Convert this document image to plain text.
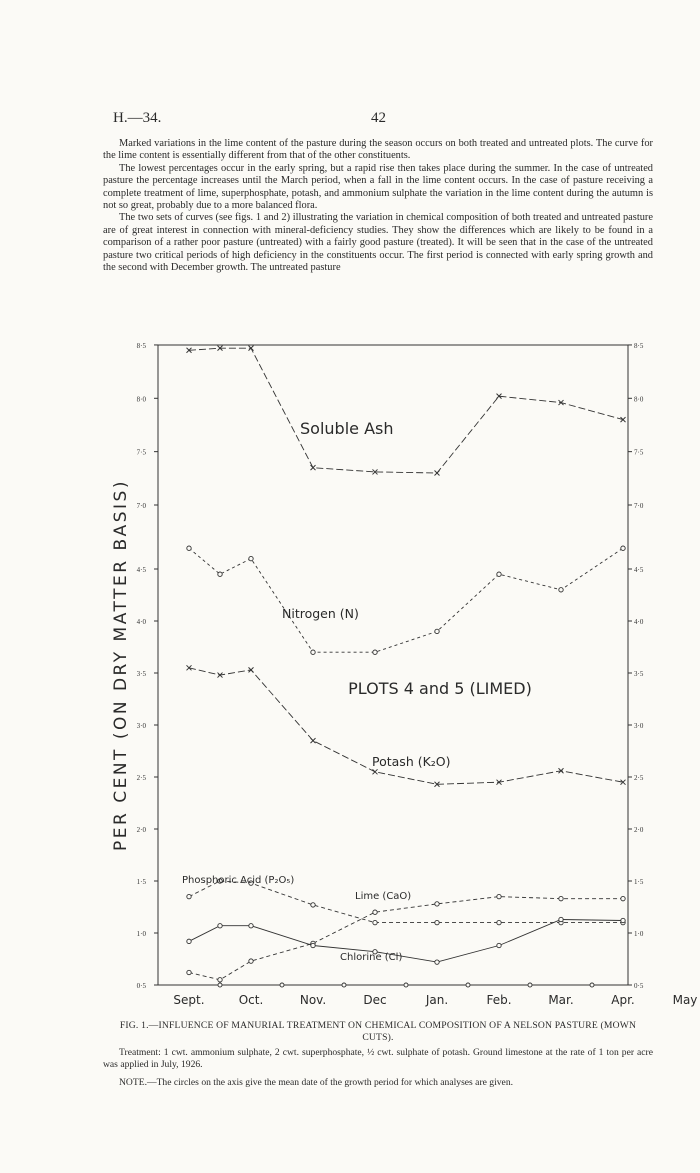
H.—34.	42

Marked variations in the lime content of the pasture during the season occurs on both treated and untreated plots. The curve for the lime content is essentially different from that of the other constituents.

The lowest percentages occur in the early spring, but a rapid rise then takes place during the summer. In the case of untreated pasture the percentage increases until the March period, when a fall in the lime content occurs. In the case of pasture receiving a complete treatment of lime, superphosphate, potash, and ammonium sulphate the variation in the lime content during the autumn is not so great, probably due to a more balanced flora.

The two sets of curves (see figs. 1 and 2) illustrating the variation in chemical composition of both treated and untreated pasture are of great interest in connection with mineral-deficiency studies. They show the differences which are likely to be found in a comparison of a rather poor pasture (untreated) with a fairly good pasture (treated). It will be seen that in the case of the untreated pasture two critical periods of high deficiency in the constituents occur. The first period is connected with early spring growth and the second with December growth. The untreated pasture

0·5
1·0
1·5
2·0
2·5
3·0
3·5
4·0
4·5
7·0
7·5
8·0
8·5
0·5
1·0
1·5
2·0
2·5
3·0
3·5
4·0
4·5
7·0
7·5
8·0
8·5
Sept.	Oct.	Nov.	Dec	Jan.	Feb.	Mar.	Apr.	May
PER CENT (ON DRY MATTER BASIS)	PLOTS 4 and 5 (LIMED)
Soluble Ash
Nitrogen (N)
Potash (K₂O)
Phosphoric Acid (P₂O₅)
Lime (CaO)
Chlorine (Cl)
FIG. 1.—INFLUENCE OF MANURIAL TREATMENT ON CHEMICAL COMPOSITION OF A NELSON PASTURE (MOWN CUTS).
Treatment: 1 cwt. ammonium sulphate, 2 cwt. superphosphate, ½ cwt. sulphate of potash. Ground limestone at the rate of 1 ton per acre was applied in July, 1926.
NOTE.—The circles on the axis give the mean date of the growth period for which analyses are given.
